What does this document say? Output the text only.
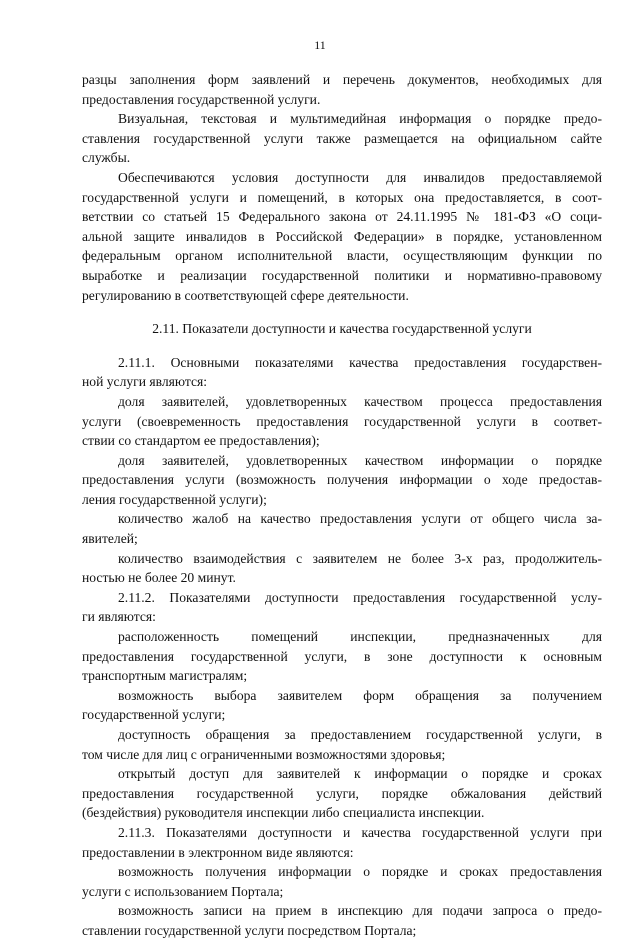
11
разцы заполнения форм заявлений и перечень документов, необходимых для
предоставления государственной услуги.
Визуальная, текстовая и мультимедийная информация о порядке предо-
ставления государственной услуги также размещается на официальном сайте
службы.
Обеспечиваются условия доступности для инвалидов предоставляемой
государственной услуги и помещений, в которых она предоставляется, в соот-
ветствии со статьей 15 Федерального закона от 24.11.1995 № 181-ФЗ «О соци-
альной защите инвалидов в Российской Федерации» в порядке, установленном
федеральным органом исполнительной власти, осуществляющим функции по
выработке и реализации государственной политики и нормативно-правовому
регулированию в соответствующей сфере деятельности.
2.11. Показатели доступности и качества государственной услуги
2.11.1. Основными показателями качества предоставления государствен-
ной услуги являются:
доля заявителей, удовлетворенных качеством процесса предоставления
услуги (своевременность предоставления государственной услуги в соответ-
ствии со стандартом ее предоставления);
доля заявителей, удовлетворенных качеством информации о порядке
предоставления услуги (возможность получения информации о ходе предостав-
ления государственной услуги);
количество жалоб на качество предоставления услуги от общего числа за-
явителей;
количество взаимодействия с заявителем не более 3-х раз, продолжитель-
ностью не более 20 минут.
2.11.2. Показателями доступности предоставления государственной услу-
ги являются:
расположенность помещений инспекции, предназначенных для
предоставления государственной услуги, в зоне доступности к основным
транспортным магистралям;
возможность выбора заявителем форм обращения за получением
государственной услуги;
доступность обращения за предоставлением государственной услуги, в
том числе для лиц с ограниченными возможностями здоровья;
открытый доступ для заявителей к информации о порядке и сроках
предоставления государственной услуги, порядке обжалования действий
(бездействия) руководителя инспекции либо специалиста инспекции.
2.11.3. Показателями доступности и качества государственной услуги при
предоставлении в электронном виде являются:
возможность получения информации о порядке и сроках предоставления
услуги с использованием Портала;
возможность записи на прием в инспекцию для подачи запроса о предо-
ставлении государственной услуги посредством Портала;
